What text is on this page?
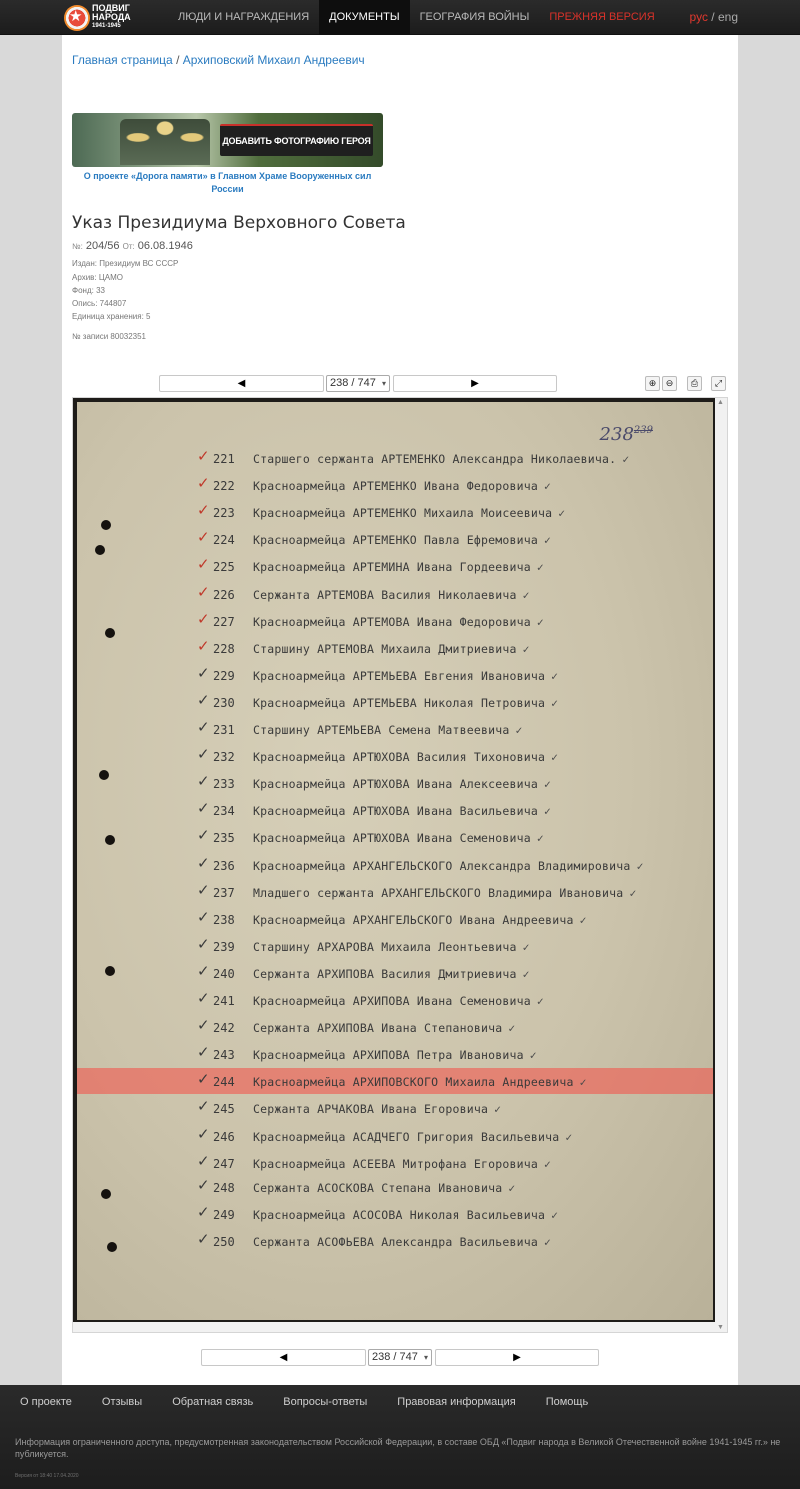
★
ПОДВИГ
НАРОДА
1941-1945
ЛЮДИ И НАГРАЖДЕНИЯ	ДОКУМЕНТЫ	ГЕОГРАФИЯ ВОЙНЫ	ПРЕЖНЯЯ ВЕРСИЯ	рус / eng
Главная страница / Архиповский Михаил Андреевич
ДОБАВИТЬ ФОТОГРАФИЮ ГЕРОЯ
О проекте «Дорога памяти» в Главном Храме Вооруженных сил России
Указ Президиума Верховного Совета
№: 204/56 От: 06.08.1946
Издан: Президиум ВС СССР
Архив: ЦАМО
Фонд: 33
Опись: 744807
Единица хранения: 5
№ записи 80032351
◀	238 / 747 ▾	▶	⊕	⊖	⎙	⤢
$238^{239}$
✓ 221 Старшего сержанта АРТЕМЕНКО Александра Николаевича. ✓
✓ 222 Красноармейца АРТЕМЕНКО Ивана Федоровича ✓
✓ 223 Красноармейца АРТЕМЕНКО Михаила Моисеевича ✓
✓ 224 Красноармейца АРТЕМЕНКО Павла Ефремовича ✓
✓ 225 Красноармейца АРТЕМИНА Ивана Гордеевича ✓
✓ 226 Сержанта АРТЕМОВА Василия Николаевича ✓
✓ 227 Красноармейца АРТЕМОВА Ивана Федоровича ✓
✓ 228 Старшину АРТЕМОВА Михаила Дмитриевича ✓
✓ 229 Красноармейца АРТЕМЬЕВА Евгения Ивановича ✓
✓ 230 Красноармейца АРТЕМЬЕВА Николая Петровича ✓
✓ 231 Старшину АРТЕМЬЕВА Семена Матвеевича ✓
✓ 232 Красноармейца АРТЮХОВА Василия Тихоновича ✓
✓ 233 Красноармейца АРТЮХОВА Ивана Алексеевича ✓
✓ 234 Красноармейца АРТЮХОВА Ивана Васильевича ✓
✓ 235 Красноармейца АРТЮХОВА Ивана Семеновича ✓
✓ 236 Красноармейца АРХАНГЕЛЬСКОГО Александра Владимировича ✓
✓ 237 Младшего сержанта АРХАНГЕЛЬСКОГО Владимира Ивановича ✓
✓ 238 Красноармейца АРХАНГЕЛЬСКОГО Ивана Андреевича ✓
✓ 239 Старшину АРХАРОВА Михаила Леонтьевича ✓
✓ 240 Сержанта АРХИПОВА Василия Дмитриевича ✓
✓ 241 Красноармейца АРХИПОВА Ивана Семеновича ✓
✓ 242 Сержанта АРХИПОВА Ивана Степановича ✓
✓ 243 Красноармейца АРХИПОВА Петра Ивановича ✓
✓ 244 Красноармейца АРХИПОВСКОГО Михаила Андреевича ✓
✓ 245 Сержанта АРЧАКОВА Ивана Егоровича ✓
✓ 246 Красноармейца АСАДЧЕГО Григория Васильевича ✓
✓ 247 Красноармейца АСЕЕВА Митрофана Егоровича ✓
✓ 248 Сержанта АСОСКОВА Степана Ивановича ✓
✓ 249 Красноармейца АСОСОВА Николая Васильевича ✓
✓ 250 Сержанта АСОФЬЕВА Александра Васильевича ✓
▲
▼
◀	238 / 747 ▾	▶
О проекте	Отзывы	Обратная связь	Вопросы-ответы	Правовая информация	Помощь
Информация ограниченного доступа, предусмотренная законодательством Российской Федерации, в составе ОБД «Подвиг народа в Великой Отечественной войне 1941-1945 гг.» не публикуется.
Версия от 18:40 17.04.2020
